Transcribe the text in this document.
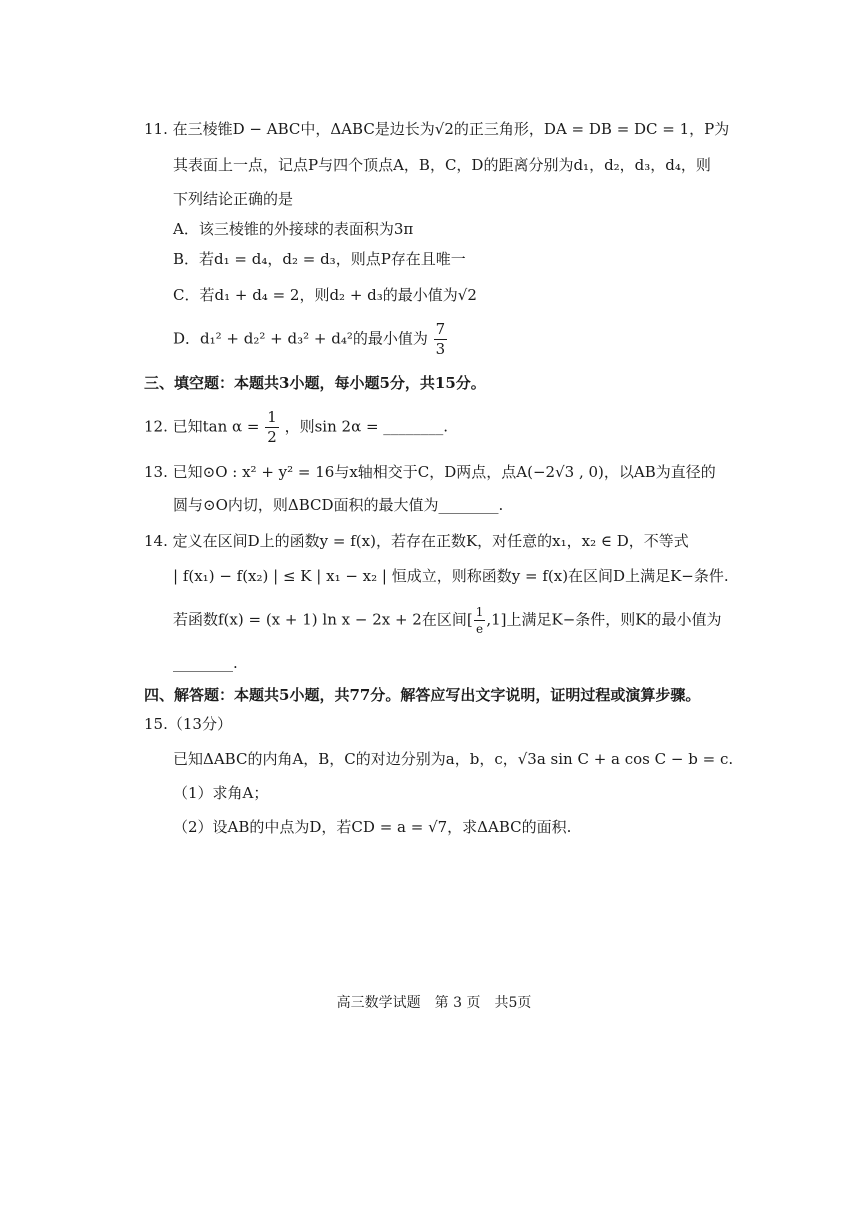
11. 在三棱锥D − ABC中，ΔABC是边长为√2的正三角形，DA = DB = DC = 1，P为
其表面上一点，记点P与四个顶点A，B，C，D的距离分别为d₁，d₂，d₃，d₄，则
下列结论正确的是
A．该三棱锥的外接球的表面积为3π
B．若d₁ = d₄，d₂ = d₃，则点P存在且唯一
C．若d₁ + d₄ = 2，则d₂ + d₃的最小值为√2
D．d₁² + d₂² + d₃² + d₄²的最小值为 $\frac{7}{3}$
三、填空题：本题共3小题，每小题5分，共15分。
12. 已知$\tan \alpha = \frac{1}{2}$ ，则sin 2α = ________.
13. 已知⊙O : x² + y² = 16与x轴相交于C，D两点，点A(−2√3 , 0)，以AB为直径的
圆与⊙O内切，则ΔBCD面积的最大值为________.
14. 定义在区间D上的函数y = f(x)，若存在正数K，对任意的x₁，x₂ ∈ D，不等式
| f(x₁) − f(x₂) | ≤ K | x₁ − x₂ | 恒成立，则称函数y = f(x)在区间D上满足K−条件.
若函数f(x) = (x + 1) ln x − 2x + 2在区间[ $\frac{1}{e} ,1$]上满足K−条件，则K的最小值为
________.
四、解答题：本题共5小题，共77分。解答应写出文字说明，证明过程或演算步骤。
15.（13分）
已知ΔABC的内角A，B，C的对边分别为a，b，c，√3a sin C + a cos C − b = c.
（1）求角A；
（2）设AB的中点为D，若CD = a = √7，求ΔABC的面积.
高三数学试题　第 3 页　共5页
